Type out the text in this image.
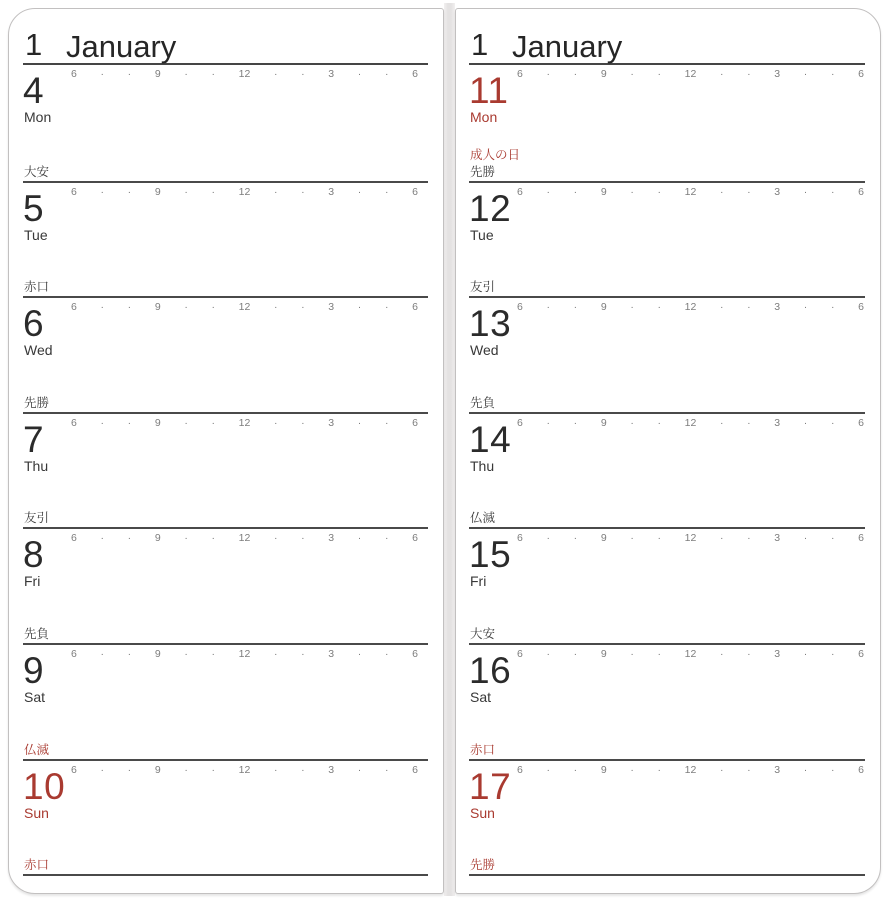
1 January
6 · · 9 · · 12 · · 3 · · 6
4
Mon
大安
6 · · 9 · · 12 · · 3 · · 6
5
Tue
赤口
6 · · 9 · · 12 · · 3 · · 6
6
Wed
先勝
6 · · 9 · · 12 · · 3 · · 6
7
Thu
友引
6 · · 9 · · 12 · · 3 · · 6
8
Fri
先負
6 · · 9 · · 12 · · 3 · · 6
9
Sat
仏滅
6 · · 9 · · 12 · · 3 · · 6
10
Sun
赤口
1 January
6 · · 9 · · 12 · · 3 · · 6
11
Mon
成人の日
先勝
6 · · 9 · · 12 · · 3 · · 6
12
Tue
友引
6 · · 9 · · 12 · · 3 · · 6
13
Wed
先負
6 · · 9 · · 12 · · 3 · · 6
14
Thu
仏滅
6 · · 9 · · 12 · · 3 · · 6
15
Fri
大安
6 · · 9 · · 12 · · 3 · · 6
16
Sat
赤口
6 · · 9 · · 12 · · 3 · · 6
17
Sun
先勝
